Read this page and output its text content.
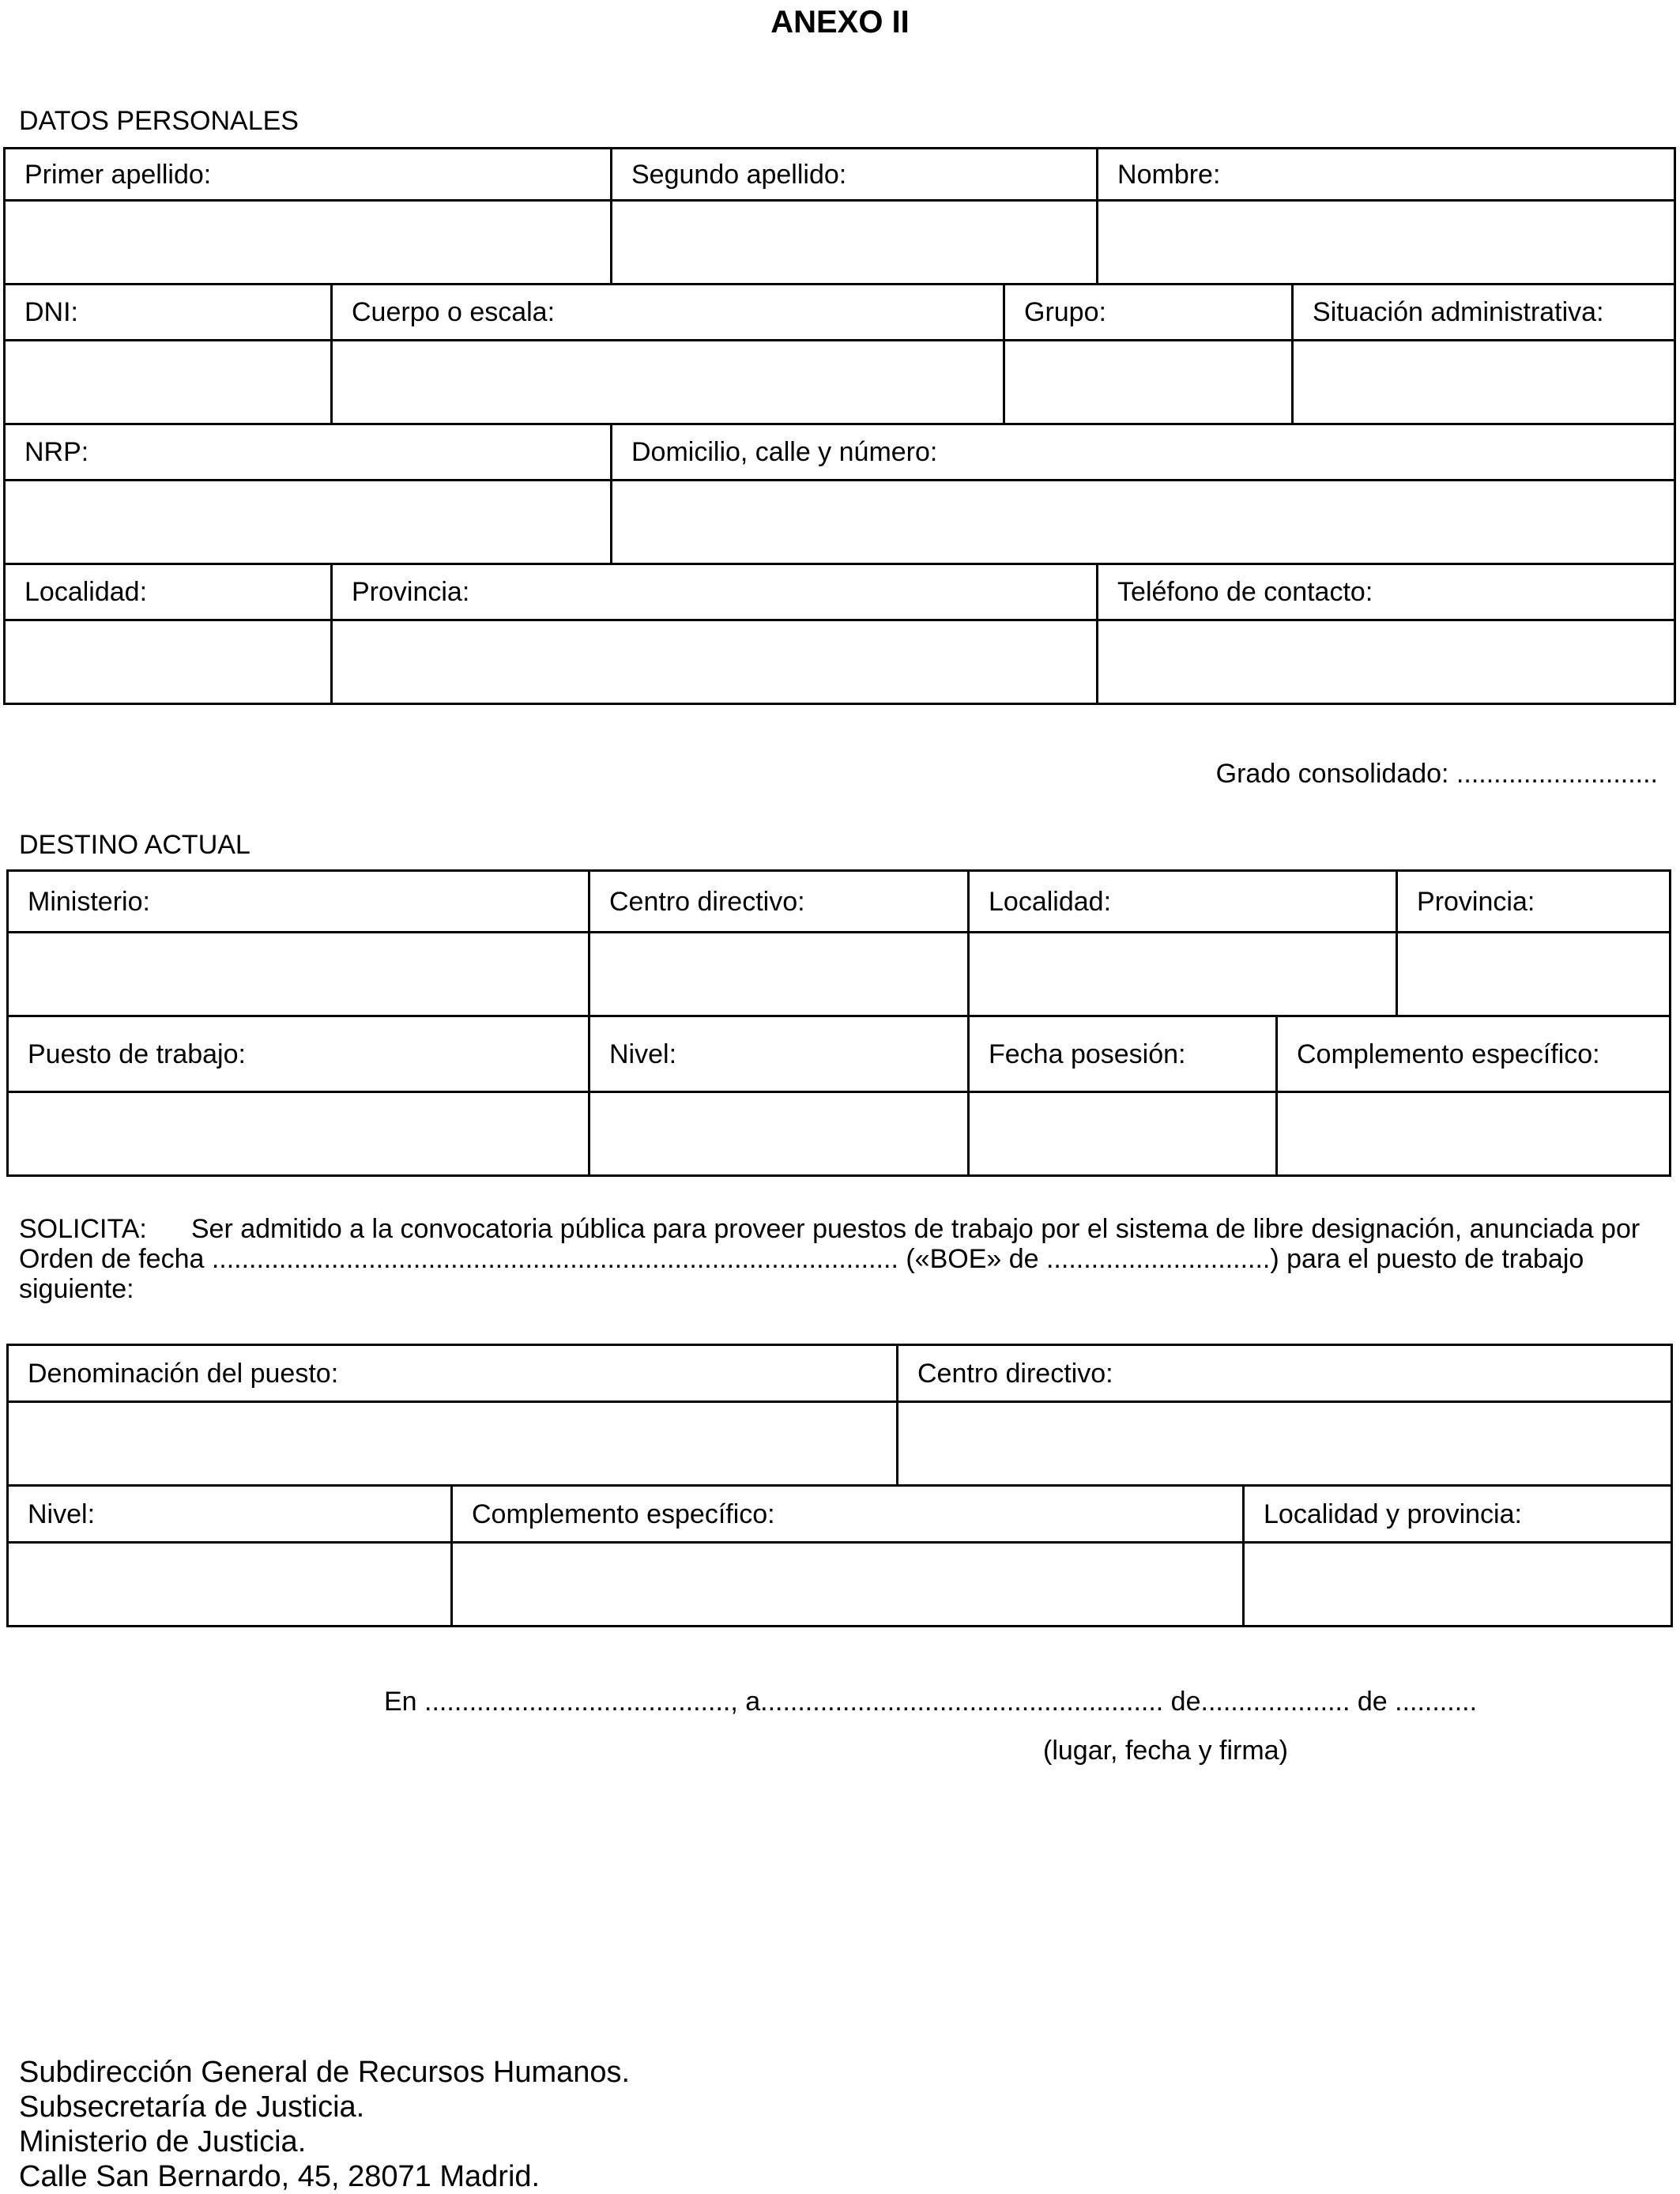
ANEXO II
DATOS PERSONALES
Primer apellido:		Segundo apellido:		Nombre:	

DNI:	Cuerpo o escala:		Grupo:		Situación administrativa:

NRP:		Domicilio, calle y número:			

Localidad:	Provincia:			Teléfono de contacto:	

Grado consolidado: ...........................
DESTINO ACTUAL
Ministerio:	Centro directivo:	Localidad:		Provincia:

Puesto de trabajo:	Nivel:	Fecha posesión:	Complemento específico:	

SOLICITA: Ser admitido a la convocatoria pública para proveer puestos de trabajo por el sistema de libre designación, anunciada por Orden de fecha ............................................................................................ («BOE» de ..............................) para el puesto de trabajo siguiente:
Denominación del puesto:		Centro directivo:	

Nivel:	Complemento específico:		Localidad y provincia:

En ........................................., a...................................................... de.................... de ...........
(lugar, fecha y firma)
Subdirección General de Recursos Humanos.
Subsecretaría de Justicia.
Ministerio de Justicia.
Calle San Bernardo, 45, 28071 Madrid.
